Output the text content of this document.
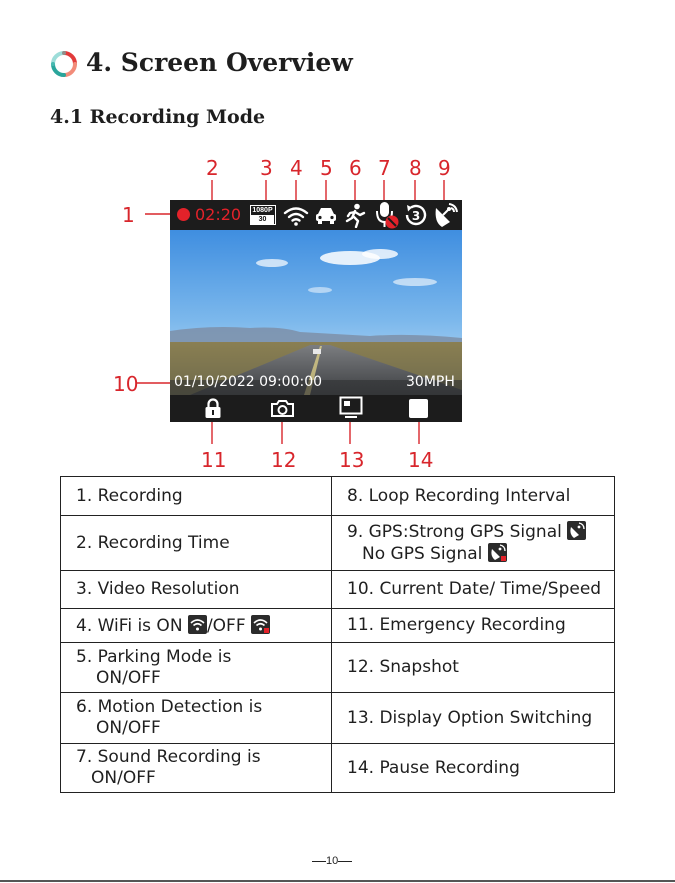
4. Screen Overview
4.1 Recording Mode
1
2 3 4 5 6 7 8 9
10
11 12 13 14
02:20 1080P
30	3
01/10/2022 09:00:00	30MPH
1. Recording	8. Loop Recording Interval
2. Recording Time	9. GPS:Strong GPS Signal
No GPS Signal

3. Video Resolution	10. Current Date/ Time/Speed
4. WiFi is ON /OFF	11. Emergency Recording
5. Parking Mode is
ON/OFF	12. Snapshot
6. Motion Detection is
ON/OFF	13. Display Option Switching
7. Sound Recording is
ON/OFF	14. Pause Recording
10
